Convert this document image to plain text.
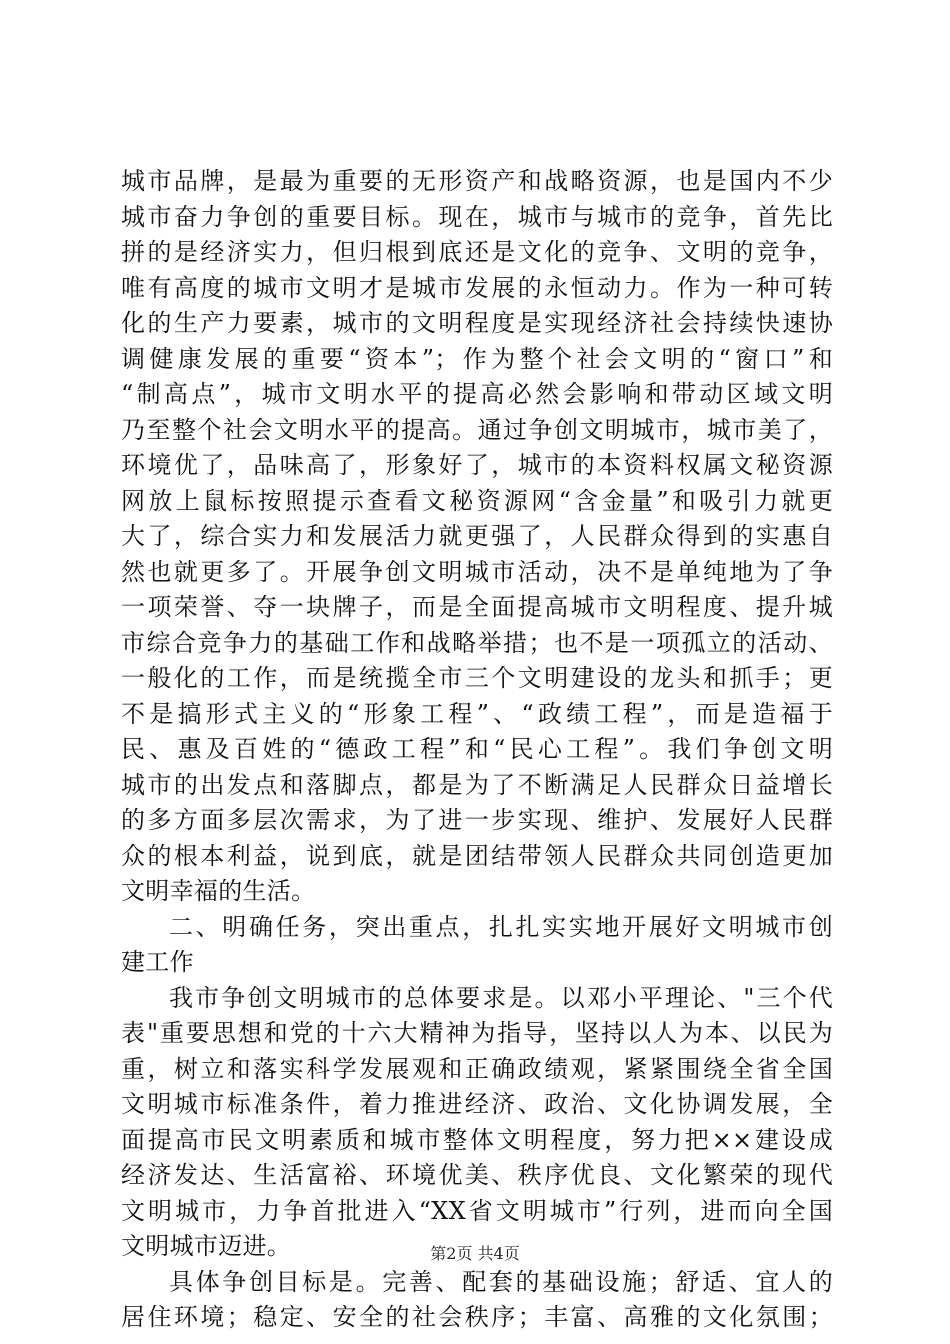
城市品牌，是最为重要的无形资产和战略资源，也是国内不少
城市奋力争创的重要目标。现在，城市与城市的竞争，首先比
拼的是经济实力，但归根到底还是文化的竞争、文明的竞争，
唯有高度的城市文明才是城市发展的永恒动力。作为一种可转
化的生产力要素，城市的文明程度是实现经济社会持续快速协
调健康发展的重要“资本”；作为整个社会文明的“窗口”和
“制高点”，城市文明水平的提高必然会影响和带动区域文明
乃至整个社会文明水平的提高。通过争创文明城市，城市美了，
环境优了，品味高了，形象好了，城市的本资料权属文秘资源
网放上鼠标按照提示查看文秘资源网“含金量”和吸引力就更
大了，综合实力和发展活力就更强了，人民群众得到的实惠自
然也就更多了。开展争创文明城市活动，决不是单纯地为了争
一项荣誉、夺一块牌子，而是全面提高城市文明程度、提升城
市综合竞争力的基础工作和战略举措；也不是一项孤立的活动、
一般化的工作，而是统揽全市三个文明建设的龙头和抓手；更
不是搞形式主义的“形象工程”、“政绩工程”，而是造福于
民、惠及百姓的“德政工程”和“民心工程”。我们争创文明
城市的出发点和落脚点，都是为了不断满足人民群众日益增长
的多方面多层次需求，为了进一步实现、维护、发展好人民群
众的根本利益，说到底，就是团结带领人民群众共同创造更加
文明幸福的生活。
二、明确任务，突出重点，扎扎实实地开展好文明城市创
建工作
我市争创文明城市的总体要求是。以邓小平理论、"三个代
表"重要思想和党的十六大精神为指导，坚持以人为本、以民为
重，树立和落实科学发展观和正确政绩观，紧紧围绕全省全国
文明城市标准条件，着力推进经济、政治、文化协调发展，全
面提高市民文明素质和城市整体文明程度，努力把××建设成
经济发达、生活富裕、环境优美、秩序优良、文化繁荣的现代
文明城市，力争首批进入“XX省文明城市”行列，进而向全国
文明城市迈进。
具体争创目标是。完善、配套的基础设施；舒适、宜人的
居住环境；稳定、安全的社会秩序；丰富、高雅的文化氛围；
第2页 共4页
